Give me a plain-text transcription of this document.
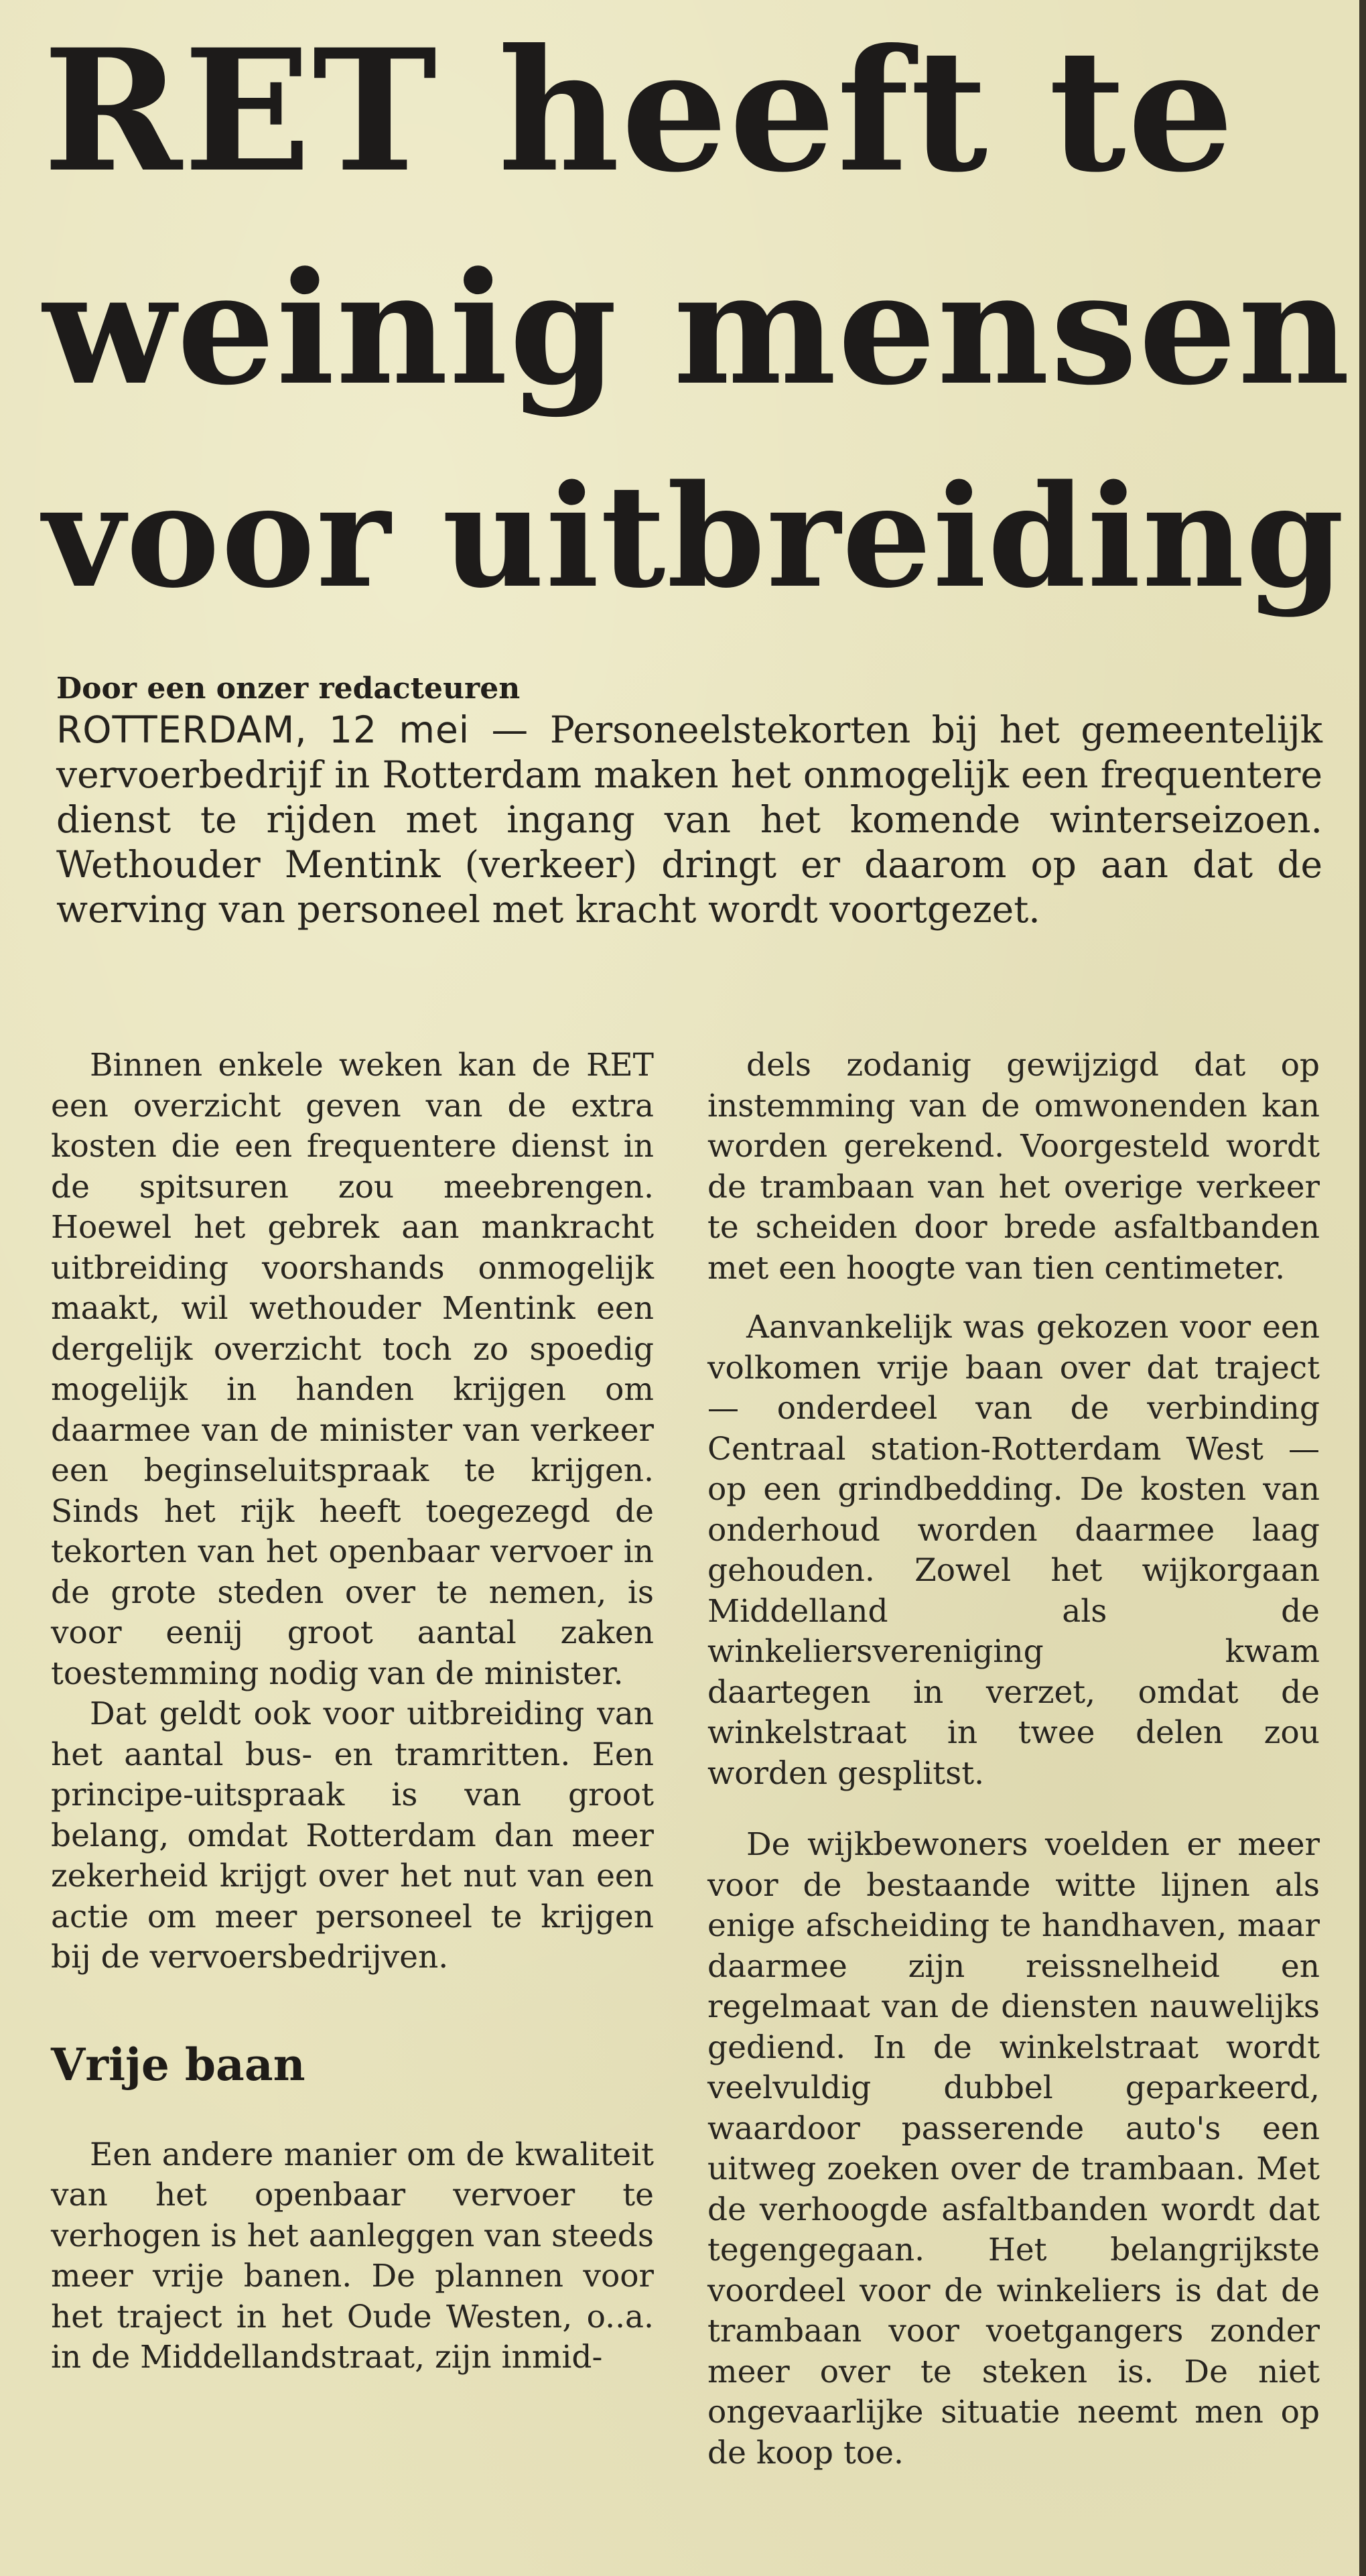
RET heeft te
weinig mensen
voor uitbreiding
Door een onzer redacteuren

ROTTERDAM, 12 mei — Personeelstekorten bij het gemeentelijk vervoerbedrijf in Rotterdam maken het onmogelijk een frequentere dienst te rijden met ingang van het komende winterseizoen. Wethouder Mentink (verkeer) dringt er daarom op aan dat de werving van personeel met kracht wordt voortgezet.

Binnen enkele weken kan de RET een overzicht geven van de extra kosten die een frequentere dienst in de spitsuren zou meebrengen. Hoewel het gebrek aan mankracht uitbreiding voorshands onmogelijk maakt, wil wethouder Mentink een dergelijk overzicht toch zo spoedig mogelijk in handen krijgen om daarmee van de minister van verkeer een beginseluitspraak te krijgen. Sinds het rijk heeft toegezegd de tekorten van het openbaar vervoer in de grote steden over te nemen, is voor eenij groot aantal zaken toestemming nodig van de minister.

Dat geldt ook voor uitbreiding van het aantal bus- en tramritten. Een principe-uitspraak is van groot belang, omdat Rotterdam dan meer zekerheid krijgt over het nut van een actie om meer personeel te krijgen bij de vervoersbedrijven.

Vrije baan

Een andere manier om de kwaliteit van het openbaar vervoer te verhogen is het aanleggen van steeds meer vrije banen. De plannen voor het traject in het Oude Westen, o..a. in de Middellandstraat, zijn inmid-

dels zodanig gewijzigd dat op instemming van de omwonenden kan worden gerekend. Voorgesteld wordt de trambaan van het overige verkeer te scheiden door brede asfaltbanden met een hoogte van tien centimeter.

Aanvankelijk was gekozen voor een volkomen vrije baan over dat traject — onderdeel van de verbinding Centraal station-Rotterdam West — op een grindbedding. De kosten van onderhoud worden daarmee laag gehouden. Zowel het wijkorgaan Middelland als de winkeliersvereniging kwam daartegen in verzet, omdat de winkelstraat in twee delen zou worden gesplitst.

De wijkbewoners voelden er meer voor de bestaande witte lijnen als enige afscheiding te handhaven, maar daarmee zijn reissnelheid en regelmaat van de diensten nauwelijks gediend. In de winkelstraat wordt veelvuldig dubbel geparkeerd, waardoor passerende auto's een uitweg zoeken over de trambaan. Met de verhoogde asfaltbanden wordt dat tegengegaan. Het belangrijkste voordeel voor de winkeliers is dat de trambaan voor voetgangers zonder meer over te steken is. De niet ongevaarlijke situatie neemt men op de koop toe.
